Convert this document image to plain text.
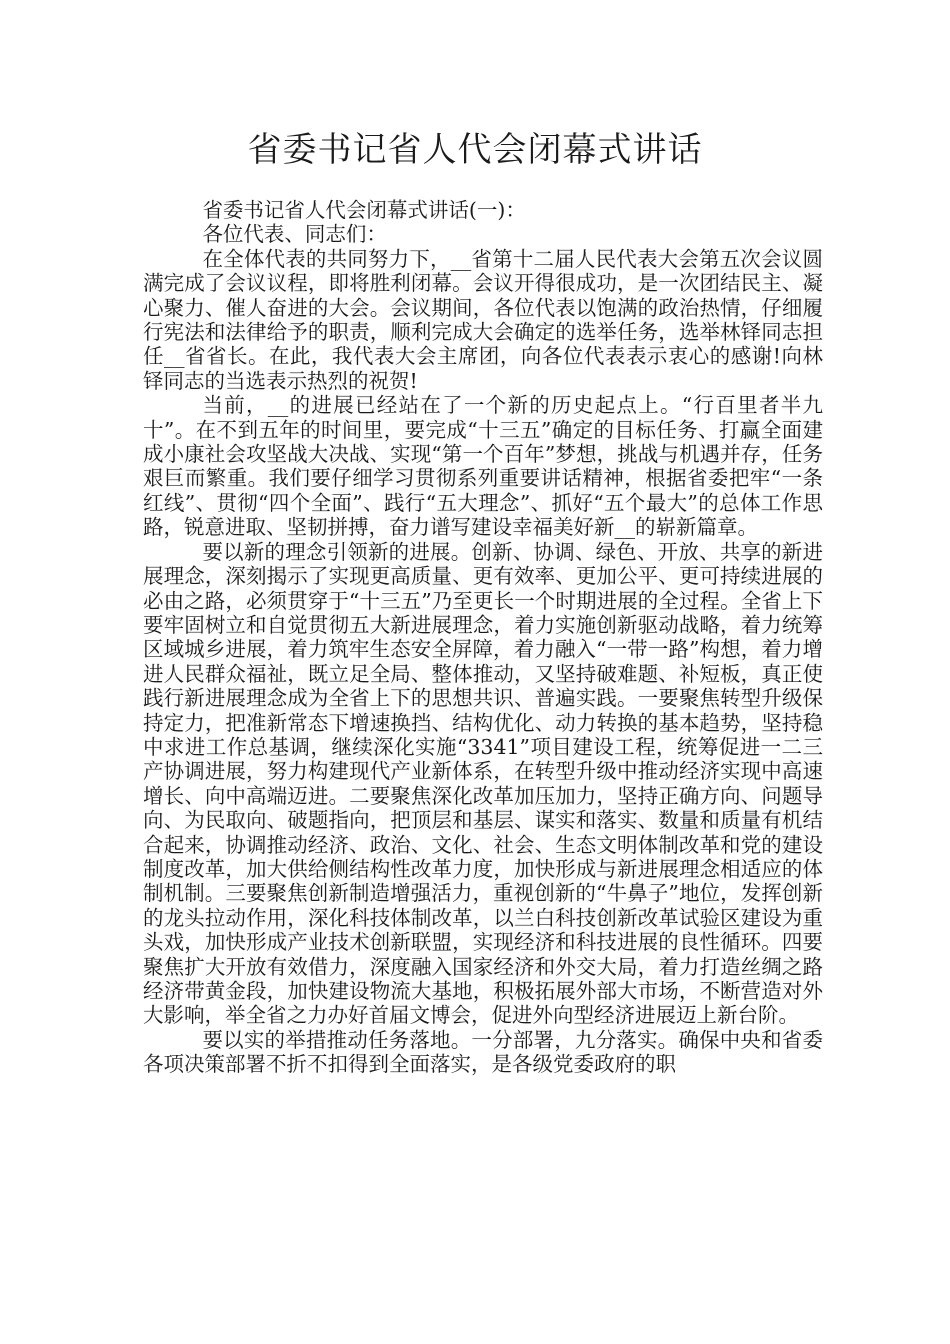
省委书记省人代会闭幕式讲话

省委书记省人代会闭幕式讲话(一)：

各位代表、同志们：

在全体代表的共同努力下，__省第十二届人民代表大会第五次会议圆满完成了会议议程，即将胜利闭幕。会议开得很成功，是一次团结民主、凝心聚力、催人奋进的大会。会议期间，各位代表以饱满的政治热情，仔细履行宪法和法律给予的职责，顺利完成大会确定的选举任务，选举林铎同志担任__省省长。在此，我代表大会主席团，向各位代表表示衷心的感谢!向林铎同志的当选表示热烈的祝贺!

当前，__的进展已经站在了一个新的历史起点上。“行百里者半九十”。在不到五年的时间里，要完成“十三五”确定的目标任务、打赢全面建成小康社会攻坚战大决战、实现“第一个百年”梦想，挑战与机遇并存，任务艰巨而繁重。我们要仔细学习贯彻系列重要讲话精神，根据省委把牢“一条红线”、贯彻“四个全面”、践行“五大理念”、抓好“五个最大”的总体工作思路，锐意进取、坚韧拼搏，奋力谱写建设幸福美好新__的崭新篇章。

要以新的理念引领新的进展。创新、协调、绿色、开放、共享的新进展理念，深刻揭示了实现更高质量、更有效率、更加公平、更可持续进展的必由之路，必须贯穿于“十三五”乃至更长一个时期进展的全过程。全省上下要牢固树立和自觉贯彻五大新进展理念，着力实施创新驱动战略，着力统筹区域城乡进展，着力筑牢生态安全屏障，着力融入“一带一路”构想，着力增进人民群众福祉，既立足全局、整体推动，又坚持破难题、补短板，真正使践行新进展理念成为全省上下的思想共识、普遍实践。一要聚焦转型升级保持定力，把准新常态下增速换挡、结构优化、动力转换的基本趋势，坚持稳中求进工作总基调，继续深化实施“3341”项目建设工程，统筹促进一二三产协调进展，努力构建现代产业新体系，在转型升级中推动经济实现中高速增长、向中高端迈进。二要聚焦深化改革加压加力，坚持正确方向、问题导向、为民取向、破题指向，把顶层和基层、谋实和落实、数量和质量有机结合起来，协调推动经济、政治、文化、社会、生态文明体制改革和党的建设制度改革，加大供给侧结构性改革力度，加快形成与新进展理念相适应的体制机制。三要聚焦创新制造增强活力，重视创新的“牛鼻子”地位，发挥创新的龙头拉动作用，深化科技体制改革，以兰白科技创新改革试验区建设为重头戏，加快形成产业技术创新联盟，实现经济和科技进展的良性循环。四要聚焦扩大开放有效借力，深度融入国家经济和外交大局，着力打造丝绸之路经济带黄金段，加快建设物流大基地，积极拓展外部大市场，不断营造对外大影响，举全省之力办好首届文博会，促进外向型经济进展迈上新台阶。

要以实的举措推动任务落地。一分部署，九分落实。确保中央和省委各项决策部署不折不扣得到全面落实，是各级党委政府的职
